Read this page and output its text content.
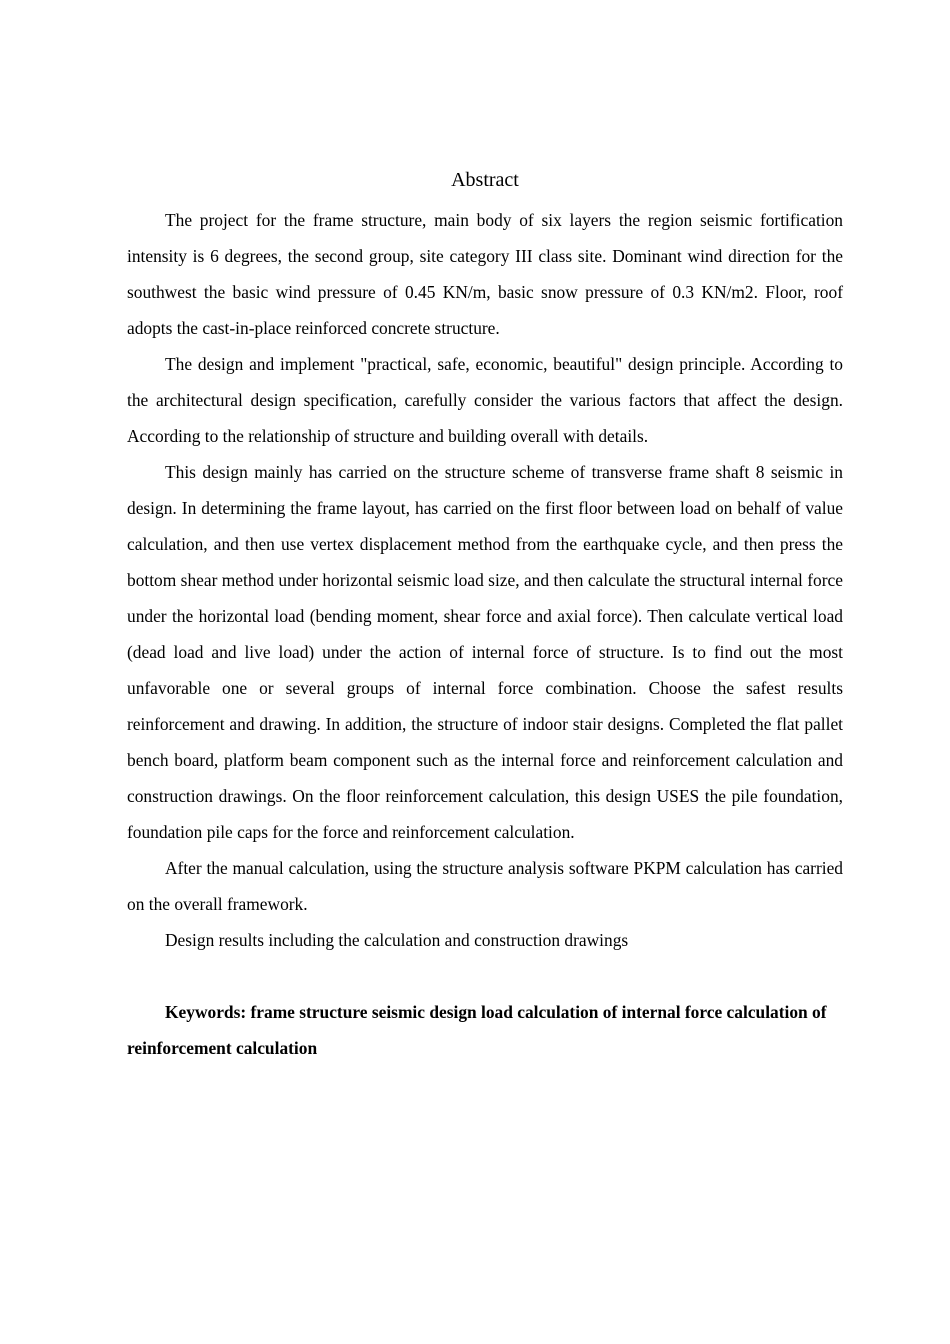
Abstract

The project for the frame structure, main body of six layers the region seismic fortification intensity is 6 degrees, the second group, site category III class site. Dominant wind direction for the southwest the basic wind pressure of 0.45 KN/m, basic snow pressure of 0.3 KN/m2. Floor, roof adopts the cast-in-place reinforced concrete structure.

The design and implement "practical, safe, economic, beautiful" design principle. According to the architectural design specification, carefully consider the various factors that affect the design. According to the relationship of structure and building overall with details.

This design mainly has carried on the structure scheme of transverse frame shaft 8 seismic in design. In determining the frame layout, has carried on the first floor between load on behalf of value calculation, and then use vertex displacement method from the earthquake cycle, and then press the bottom shear method under horizontal seismic load size, and then calculate the structural internal force under the horizontal load (bending moment, shear force and axial force). Then calculate vertical load (dead load and live load) under the action of internal force of structure. Is to find out the most unfavorable one or several groups of internal force combination. Choose the safest results reinforcement and drawing. In addition, the structure of indoor stair designs. Completed the flat pallet bench board, platform beam component such as the internal force and reinforcement calculation and construction drawings. On the floor reinforcement calculation, this design USES the pile foundation, foundation pile caps for the force and reinforcement calculation.

After the manual calculation, using the structure analysis software PKPM calculation has carried on the overall framework.

Design results including the calculation and construction drawings

Keywords: frame structure seismic design load calculation of internal force calculation of reinforcement calculation
